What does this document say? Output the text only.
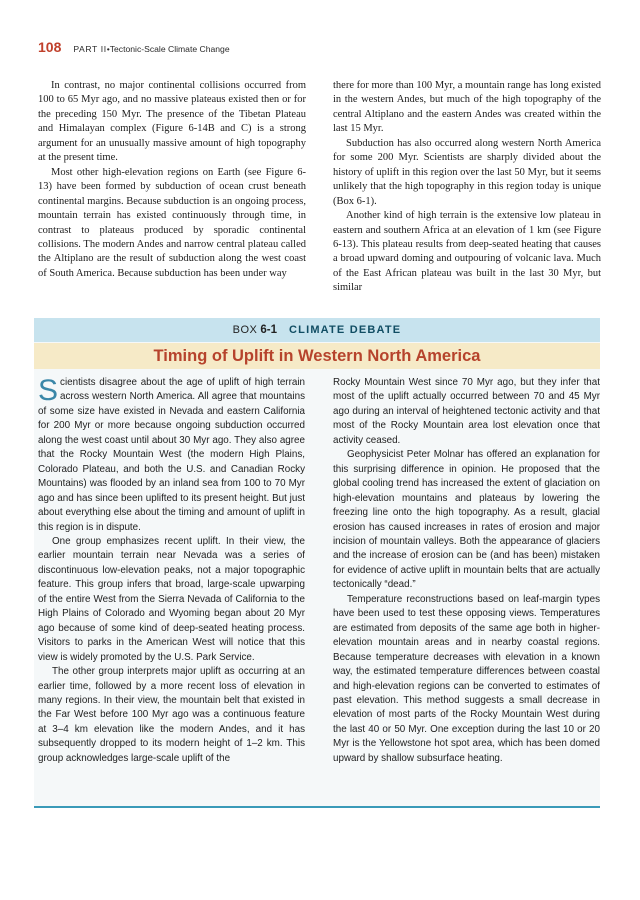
108 PART II • Tectonic-Scale Climate Change

In contrast, no major continental collisions occurred from 100 to 65 Myr ago, and no massive plateaus existed then or for the preceding 150 Myr. The presence of the Tibetan Plateau and Himalayan complex (Figure 6-14B and C) is a strong argument for an unusually massive amount of high topography at the present time.

Most other high-elevation regions on Earth (see Figure 6-13) have been formed by subduction of ocean crust beneath continental margins. Because subduction is an ongoing process, mountain terrain has existed continuously through time, in contrast to plateaus produced by sporadic continental collisions. The modern Andes and narrow central plateau called the Altiplano are the result of subduction along the west coast of South America. Because subduction has been under way

there for more than 100 Myr, a mountain range has long existed in the western Andes, but much of the high topography of the central Altiplano and the eastern Andes was created within the last 15 Myr.

Subduction has also occurred along western North America for some 200 Myr. Scientists are sharply divided about the history of uplift in this region over the last 50 Myr, but it seems unlikely that the high topography in this region today is unique (Box 6-1).

Another kind of high terrain is the extensive low plateau in eastern and southern Africa at an elevation of 1 km (see Figure 6-13). This plateau results from deep-seated heating that causes a broad upward doming and outpouring of volcanic lava. Much of the East African plateau was built in the last 30 Myr, but similar

BOX 6-1 CLIMATE DEBATE
Timing of Uplift in Western North America

Scientists disagree about the age of uplift of high terrain across western North America. All agree that mountains of some size have existed in Nevada and eastern California for 200 Myr or more because ongoing subduction occurred along the west coast until about 30 Myr ago. They also agree that the Rocky Mountain West (the modern High Plains, Colorado Plateau, and both the U.S. and Canadian Rocky Mountains) was flooded by an inland sea from 100 to 70 Myr ago and has since been uplifted to its present height. But just about everything else about the timing and amount of uplift in this region is in dispute.

One group emphasizes recent uplift. In their view, the earlier mountain terrain near Nevada was a series of discontinuous low-elevation peaks, not a major topographic feature. This group infers that broad, large-scale upwarping of the entire West from the Sierra Nevada of California to the High Plains of Colorado and Wyoming began about 20 Myr ago because of some kind of deep-seated heating process. Visitors to parks in the American West will notice that this view is widely promoted by the U.S. Park Service.

The other group interprets major uplift as occurring at an earlier time, followed by a more recent loss of elevation in many regions. In their view, the mountain belt that existed in the Far West before 100 Myr ago was a continuous feature at 3–4 km elevation like the modern Andes, and it has subsequently dropped to its modern height of 1–2 km. This group acknowledges large-scale uplift of the

Rocky Mountain West since 70 Myr ago, but they infer that most of the uplift actually occurred between 70 and 45 Myr ago during an interval of heightened tectonic activity and that most of the Rocky Mountain area lost elevation once that activity ceased.

Geophysicist Peter Molnar has offered an explanation for this surprising difference in opinion. He proposed that the global cooling trend has increased the extent of glaciation on high-elevation mountains and plateaus by lowering the freezing line onto the high topography. As a result, glacial erosion has caused increases in rates of erosion and major incision of mountain valleys. Both the appearance of glaciers and the increase of erosion can be (and has been) mistaken for evidence of active uplift in mountain belts that are actually tectonically “dead.”

Temperature reconstructions based on leaf-margin types have been used to test these opposing views. Temperatures are estimated from deposits of the same age both in higher-elevation mountain areas and in nearby coastal regions. Because temperature decreases with elevation in a known way, the estimated temperature differences between coastal and high-elevation regions can be converted to estimates of past elevation. This method suggests a small decrease in elevation of most parts of the Rocky Mountain West during the last 40 or 50 Myr. One exception during the last 10 or 20 Myr is the Yellowstone hot spot area, which has been domed upward by shallow subsurface heating.
